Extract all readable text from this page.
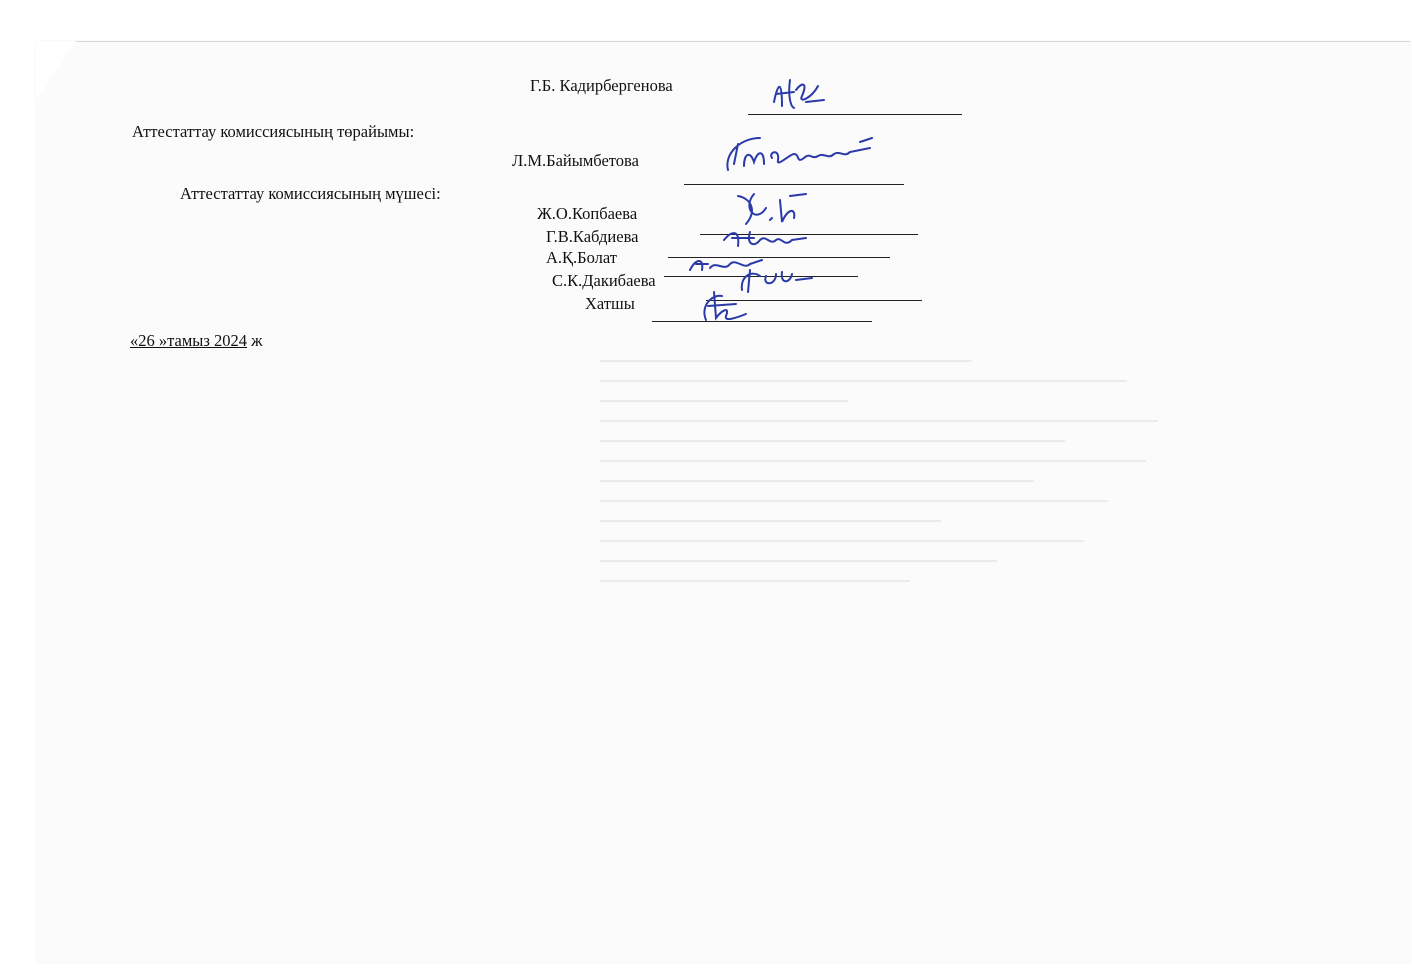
Г.Б. Кадирбергенова
Аттестаттау комиссиясының төрайымы:
Л.М.Байымбетова
Аттестаттау комиссиясының мүшесі:
Ж.О.Копбаева
Г.В.Кабдиева
А.Қ.Болат
С.К.Дакибаева
Хатшы
«26 »тамыз 2024 ж
